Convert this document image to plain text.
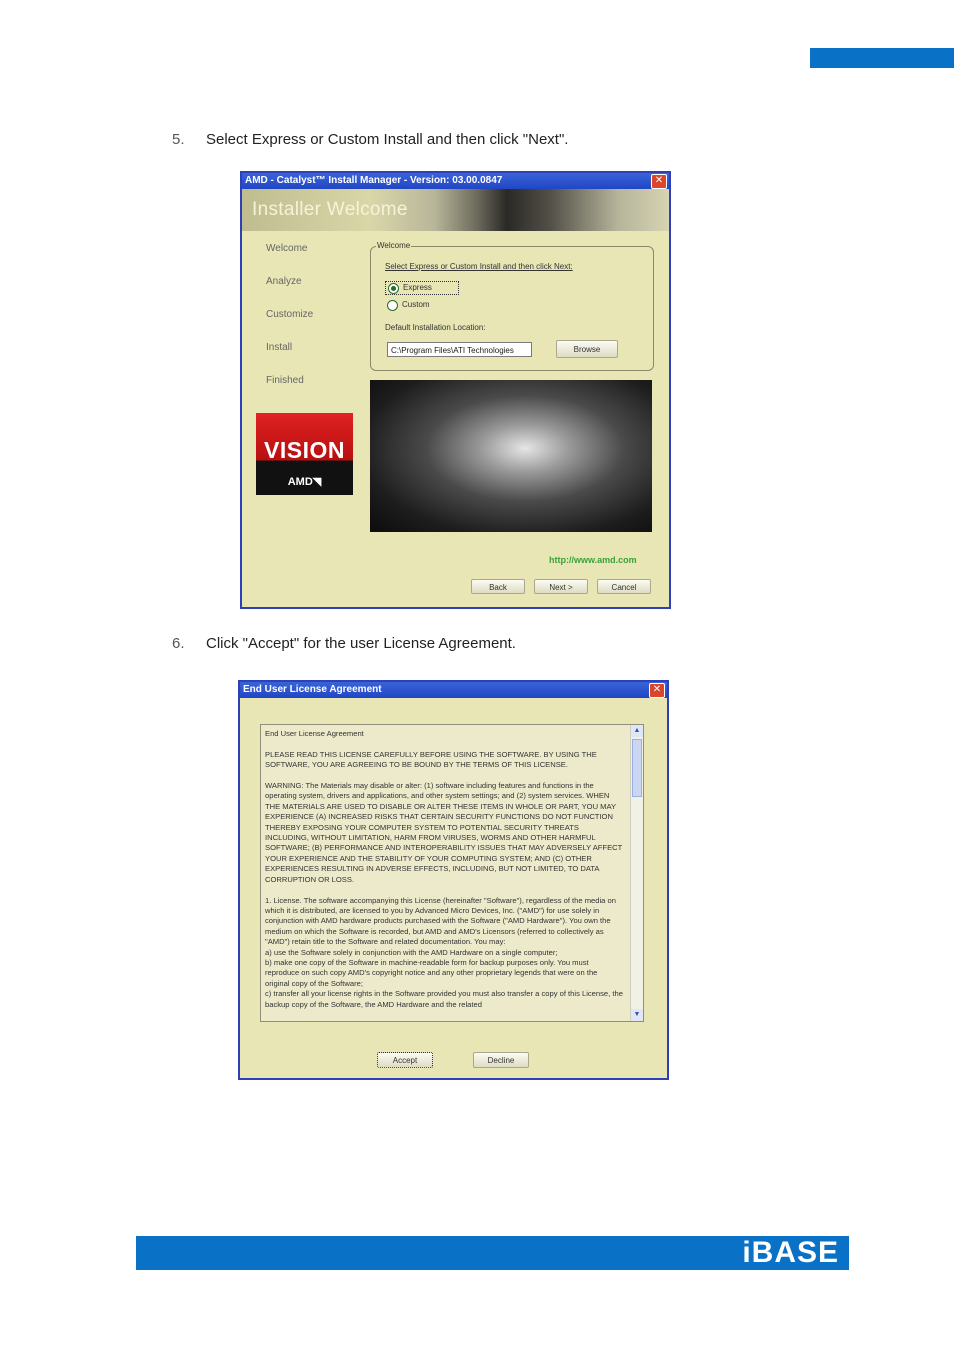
5. Select Express or Custom Install and then click "Next".
AMD - Catalyst™ Install Manager - Version: 03.00.0847	✕
Installer Welcome
Welcome
Analyze
Customize
Install
Finished
VISION
AMD◥
Welcome
Select Express or Custom Install and then click Next:
Express
Custom
Default Installation Location:
C:\Program Files\ATI Technologies	Browse
http://www.amd.com
Back	Next >	Cancel
6. Click "Accept" for the user License Agreement.
End User License Agreement	✕
End User License Agreement

PLEASE READ THIS LICENSE CAREFULLY BEFORE USING THE SOFTWARE. BY USING THE SOFTWARE, YOU ARE AGREEING TO BE BOUND BY THE TERMS OF THIS LICENSE.

WARNING: The Materials may disable or alter: (1) software including features and functions in the operating system, drivers and applications, and other system settings; and (2) system services. WHEN THE MATERIALS ARE USED TO DISABLE OR ALTER THESE ITEMS IN WHOLE OR PART, YOU MAY EXPERIENCE (A) INCREASED RISKS THAT CERTAIN SECURITY FUNCTIONS DO NOT FUNCTION THEREBY EXPOSING YOUR COMPUTER SYSTEM TO POTENTIAL SECURITY THREATS INCLUDING, WITHOUT LIMITATION, HARM FROM VIRUSES, WORMS AND OTHER HARMFUL SOFTWARE; (B) PERFORMANCE AND INTEROPERABILITY ISSUES THAT MAY ADVERSELY AFFECT YOUR EXPERIENCE AND THE STABILITY OF YOUR COMPUTING SYSTEM; AND (C) OTHER EXPERIENCES RESULTING IN ADVERSE EFFECTS, INCLUDING, BUT NOT LIMITED, TO DATA CORRUPTION OR LOSS.

1. License. The software accompanying this License (hereinafter "Software"), regardless of the media on which it is distributed, are licensed to you by Advanced Micro Devices, Inc. ("AMD") for use solely in conjunction with AMD hardware products purchased with the Software ("AMD Hardware"). You own the medium on which the Software is recorded, but AMD and AMD's Licensors (referred to collectively as "AMD") retain title to the Software and related documentation. You may:
a) use the Software solely in conjunction with the AMD Hardware on a single computer;
b) make one copy of the Software in machine-readable form for backup purposes only. You must reproduce on such copy AMD's copyright notice and any other proprietary legends that were on the original copy of the Software;
c) transfer all your license rights in the Software provided you must also transfer a copy of this License, the backup copy of the Software, the AMD Hardware and the related
▲
▼
Accept	Decline
iBASE
